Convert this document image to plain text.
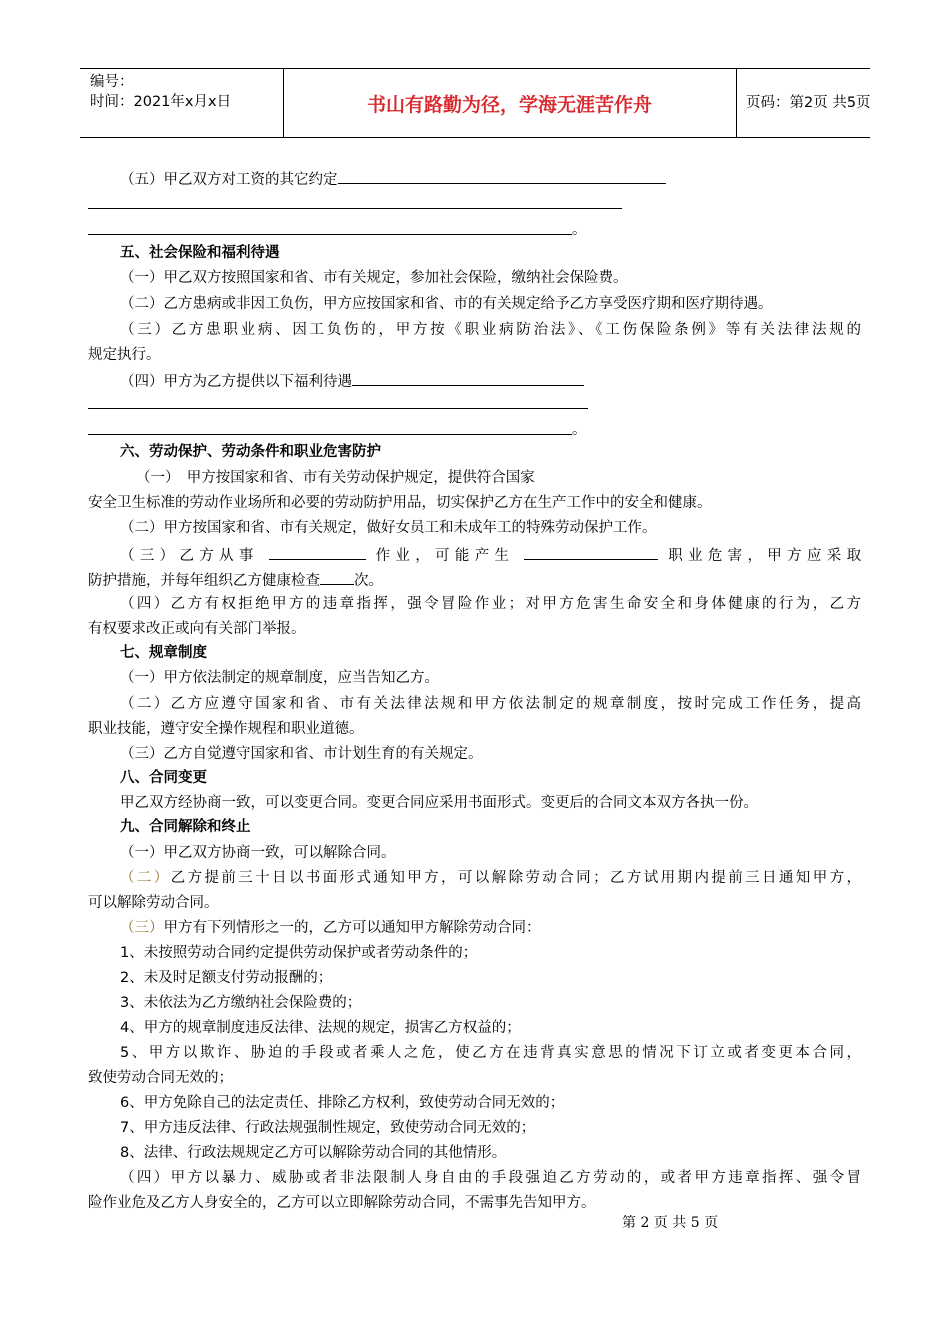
编号：
时间：2021年x月x日	书山有路勤为径，学海无涯苦作舟	页码：第2页 共5页
（五）甲乙双方对工资的其它约定
。
五、社会保险和福利待遇
（一）甲乙双方按照国家和省、市有关规定，参加社会保险，缴纳社会保险费。
（二）乙方患病或非因工负伤，甲方应按国家和省、市的有关规定给予乙方享受医疗期和医疗期待遇。
（三）乙方患职业病、因工负伤的，甲方按《职业病防治法》、《工伤保险条例》等有关法律法规的
规定执行。
（四）甲方为乙方提供以下福利待遇
。
六、劳动保护、劳动条件和职业危害防护
（一）　甲方按国家和省、市有关劳动保护规定，提供符合国家
安全卫生标准的劳动作业场所和必要的劳动防护用品，切实保护乙方在生产工作中的安全和健康。
（二）甲方按国家和省、市有关规定，做好女员工和未成年工的特殊劳动保护工作。
（三）乙方从事	作业，可能产生	职业危害，甲方应采取
防护措施，并每年组织乙方健康检查 次。
（四）乙方有权拒绝甲方的违章指挥，强令冒险作业；对甲方危害生命安全和身体健康的行为，乙方
有权要求改正或向有关部门举报。
七、规章制度
（一）甲方依法制定的规章制度，应当告知乙方。
（二）乙方应遵守国家和省、市有关法律法规和甲方依法制定的规章制度，按时完成工作任务，提高
职业技能，遵守安全操作规程和职业道德。
（三）乙方自觉遵守国家和省、市计划生育的有关规定。
八、合同变更
甲乙双方经协商一致，可以变更合同。变更合同应采用书面形式。变更后的合同文本双方各执一份。
九、合同解除和终止
（一）甲乙双方协商一致，可以解除合同。
（二）乙方提前三十日以书面形式通知甲方，可以解除劳动合同；乙方试用期内提前三日通知甲方，
可以解除劳动合同。
（三）甲方有下列情形之一的，乙方可以通知甲方解除劳动合同：
1、未按照劳动合同约定提供劳动保护或者劳动条件的；
2、未及时足额支付劳动报酬的；
3、未依法为乙方缴纳社会保险费的；
4、甲方的规章制度违反法律、法规的规定，损害乙方权益的；
5、甲方以欺诈、胁迫的手段或者乘人之危，使乙方在违背真实意思的情况下订立或者变更本合同，
致使劳动合同无效的；
6、甲方免除自己的法定责任、排除乙方权利，致使劳动合同无效的；
7、甲方违反法律、行政法规强制性规定，致使劳动合同无效的；
8、法律、行政法规规定乙方可以解除劳动合同的其他情形。
（四）甲方以暴力、威胁或者非法限制人身自由的手段强迫乙方劳动的，或者甲方违章指挥、强令冒
险作业危及乙方人身安全的，乙方可以立即解除劳动合同，不需事先告知甲方。
第 2 页 共 5 页
